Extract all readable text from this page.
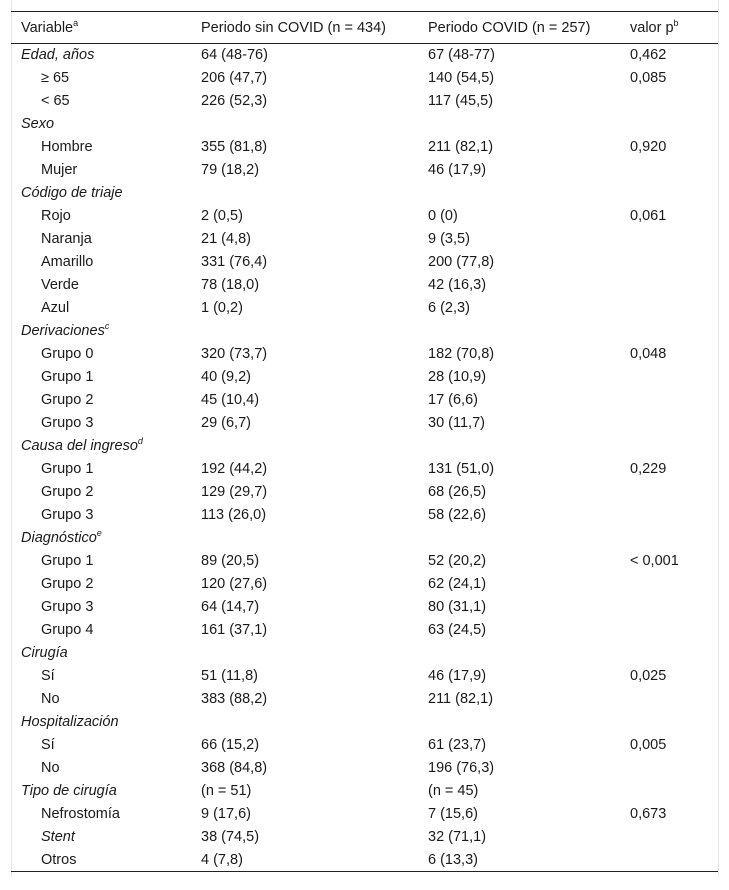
Variable$^a$	Periodo sin COVID (n = 434)	Periodo COVID (n = 257)	valor $p^b$
Edad, años	64 (48-76)	67 (48-77)	0,462
≥ 65	206 (47,7)	140 (54,5)	0,085
< 65	226 (52,3)	117 (45,5)	
Sexo			
Hombre	355 (81,8)	211 (82,1)	0,920
Mujer	79 (18,2)	46 (17,9)	
Código de triaje			
Rojo	2 (0,5)	0 (0)	0,061
Naranja	21 (4,8)	9 (3,5)	
Amarillo	331 (76,4)	200 (77,8)	
Verde	78 (18,0)	42 (16,3)	
Azul	1 (0,2)	6 (2,3)	
Derivaciones$^c$			
Grupo 0	320 (73,7)	182 (70,8)	0,048
Grupo 1	40 (9,2)	28 (10,9)	
Grupo 2	45 (10,4)	17 (6,6)	
Grupo 3	29 (6,7)	30 (11,7)	
Causa del ingreso$^d$			
Grupo 1	192 (44,2)	131 (51,0)	0,229
Grupo 2	129 (29,7)	68 (26,5)	
Grupo 3	113 (26,0)	58 (22,6)	
Diagnóstico$^e$			
Grupo 1	89 (20,5)	52 (20,2)	< 0,001
Grupo 2	120 (27,6)	62 (24,1)	
Grupo 3	64 (14,7)	80 (31,1)	
Grupo 4	161 (37,1)	63 (24,5)	
Cirugía			
Sí	51 (11,8)	46 (17,9)	0,025
No	383 (88,2)	211 (82,1)	
Hospitalización			
Sí	66 (15,2)	61 (23,7)	0,005
No	368 (84,8)	196 (76,3)	
Tipo de cirugía	(n = 51)	(n = 45)	
Nefrostomía	9 (17,6)	7 (15,6)	0,673
Stent	38 (74,5)	32 (71,1)	
Otros	4 (7,8)	6 (13,3)	
